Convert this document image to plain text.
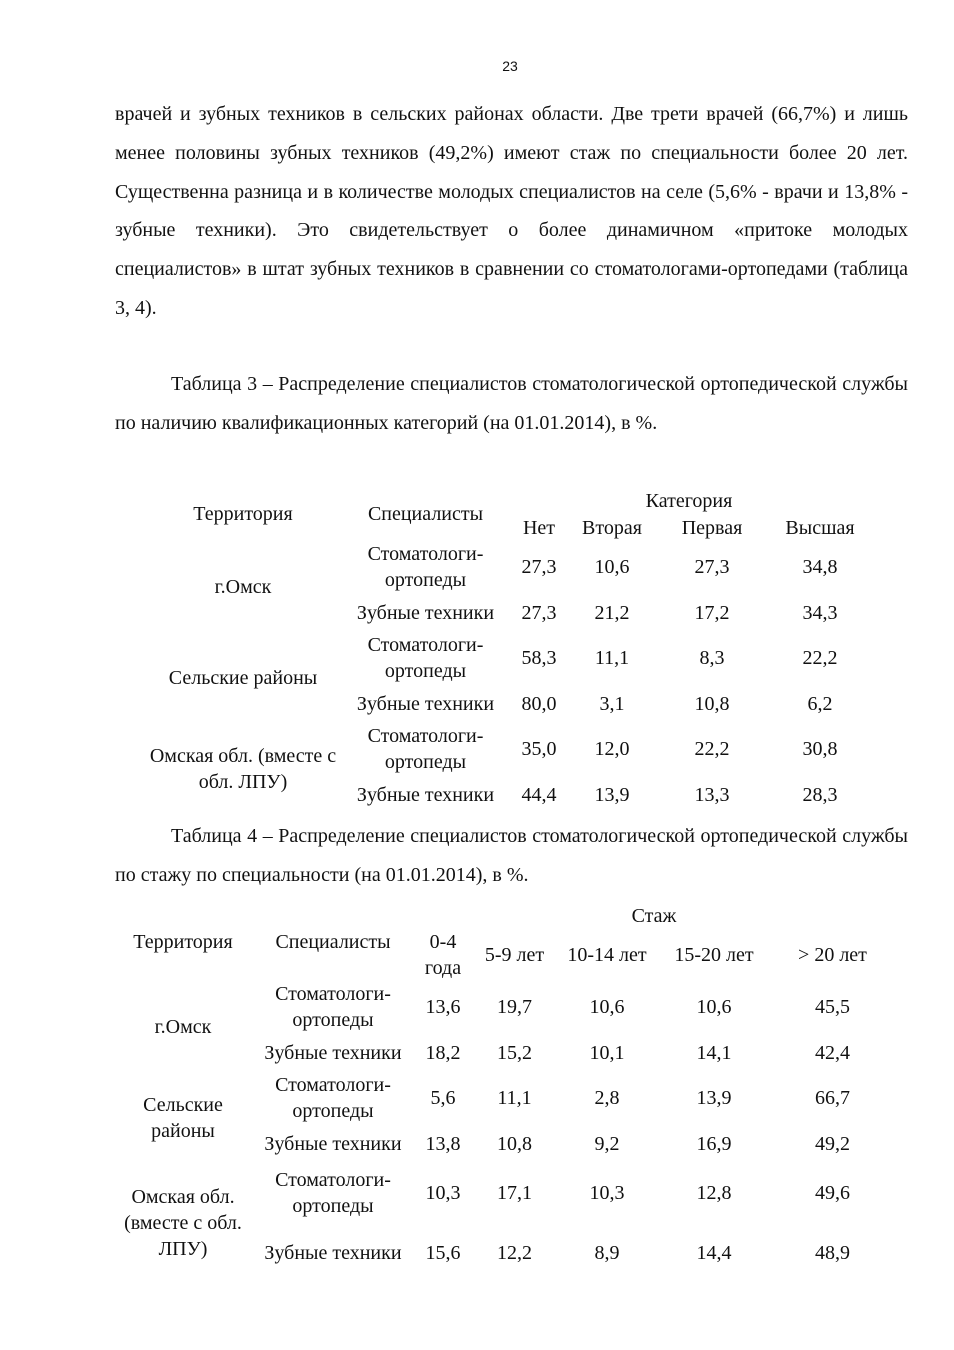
23

врачей и зубных техников в сельских районах области. Две трети врачей (66,7%) и лишь менее половины зубных техников (49,2%) имеют стаж по специальности более 20 лет. Существенна разница и в количестве молодых специалистов на селе (5,6% - врачи и 13,8% - зубные техники). Это свидетельствует о более динамичном «притоке молодых специалистов» в штат зубных техников в сравнении со стоматологами-ортопедами (таблица 3, 4).

Таблица 3 – Распределение специалистов стоматологической ортопедической службы по наличию квалификационных категорий (на 01.01.2014), в %.

Территория	Специалисты	Категория			
		Нет	Вторая	Первая	Высшая
г.Омск	Стоматологи-ортопеды	27,3	10,6	27,3	34,8
	Зубные техники	27,3	21,2	17,2	34,3
Сельские районы	Стоматологи-ортопеды	58,3	11,1	8,3	22,2
	Зубные техники	80,0	3,1	10,8	6,2
Омская обл. (вместе с обл. ЛПУ)	Стоматологи-ортопеды	35,0	12,0	22,2	30,8
	Зубные техники	44,4	13,9	13,3	28,3

Таблица 4 – Распределение специалистов стоматологической ортопедической службы по стажу по специальности (на 01.01.2014), в %.

Территория	Специалисты	Стаж				
		0-4 года	5-9 лет	10-14 лет	15-20 лет	> 20 лет
г.Омск	Стоматологи-ортопеды	13,6	19,7	10,6	10,6	45,5
	Зубные техники	18,2	15,2	10,1	14,1	42,4
Сельские районы	Стоматологи-ортопеды	5,6	11,1	2,8	13,9	66,7
	Зубные техники	13,8	10,8	9,2	16,9	49,2
Омская обл. (вместе с обл. ЛПУ)	Стоматологи-ортопеды	10,3	17,1	10,3	12,8	49,6
	Зубные техники	15,6	12,2	8,9	14,4	48,9
